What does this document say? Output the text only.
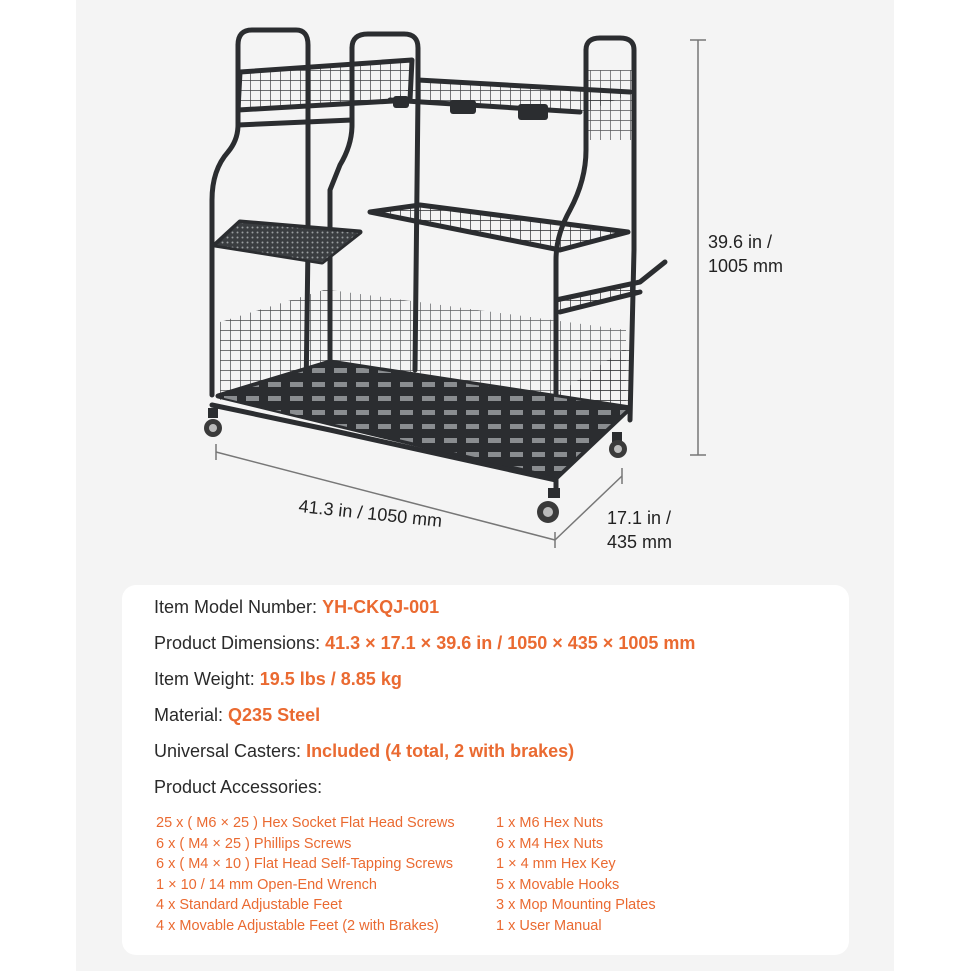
39.6 in /
1005 mm
41.3 in / 1050 mm	17.1 in /
435 mm
Item Model Number: YH-CKQJ-001
Product Dimensions: 41.3 × 17.1 × 39.6 in / 1050 × 435 × 1005 mm
Item Weight: 19.5 lbs / 8.85 kg
Material: Q235 Steel
Universal Casters: Included (4 total, 2 with brakes)
Product Accessories:
25 x ( M6 × 25 ) Hex Socket Flat Head Screws
6 x ( M4 × 25 ) Phillips Screws
6 x ( M4 × 10 ) Flat Head Self-Tapping Screws
1 × 10 / 14 mm Open-End Wrench
4 x Standard Adjustable Feet
4 x Movable Adjustable Feet (2 with Brakes)
1 x M6 Hex Nuts
6 x M4 Hex Nuts
1 × 4 mm Hex Key
5 x Movable Hooks
3 x Mop Mounting Plates
1 x User Manual
